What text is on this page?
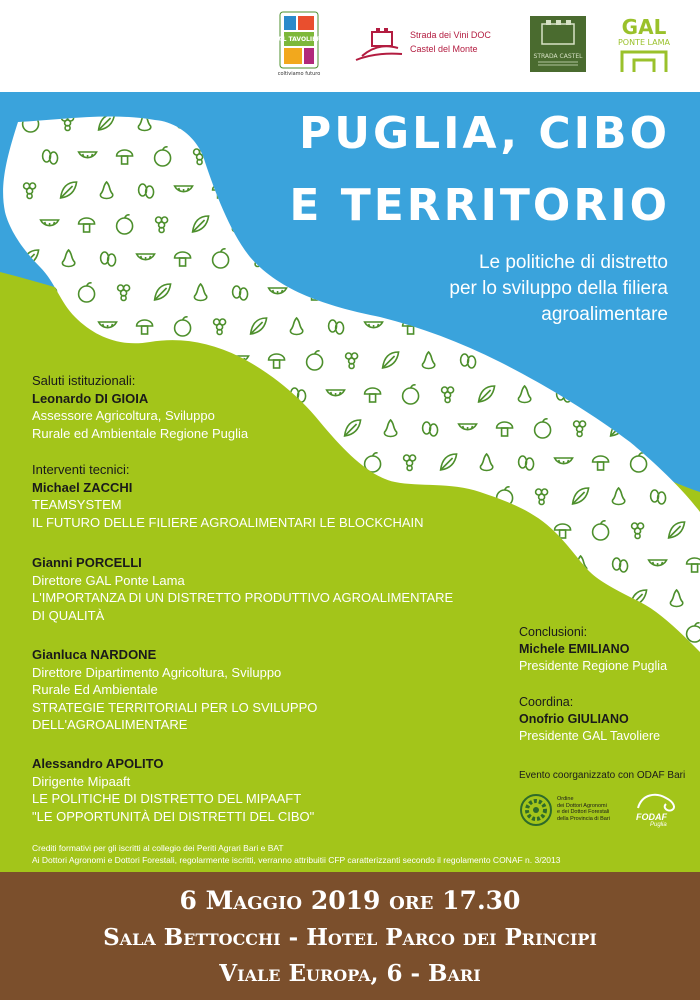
GAL TAVOLIERE
coltiviamo futuro
Strada dei Vini DOC
Castel del Monte
STRADA CASTEL
GAL
PONTE LAMA
PUGLIA, CIBO
E TERRITORIO
Le politiche di distretto
per lo sviluppo della filiera
agroalimentare
Saluti istituzionali:
Leonardo DI GIOIA
Assessore Agricoltura, Sviluppo
Rurale ed Ambientale Regione Puglia
Interventi tecnici:
Michael ZACCHI
TEAMSYSTEM
IL FUTURO DELLE FILIERE AGROALIMENTARI LE BLOCKCHAIN
Gianni PORCELLI
Direttore GAL Ponte Lama
L'IMPORTANZA DI UN DISTRETTO PRODUTTIVO AGROALIMENTARE
DI QUALITÀ
Gianluca NARDONE
Direttore Dipartimento Agricoltura, Sviluppo
Rurale Ed Ambientale
STRATEGIE TERRITORIALI PER LO SVILUPPO
DELL'AGROALIMENTARE
Alessandro APOLITO
Dirigente Mipaaft
LE POLITICHE DI DISTRETTO DEL MIPAAFT
"LE OPPORTUNITÀ DEI DISTRETTI DEL CIBO"
Conclusioni:
Michele EMILIANO
Presidente Regione Puglia
Coordina:
Onofrio GIULIANO
Presidente GAL Tavoliere
Evento coorganizzato con ODAF Bari
Ordine
dei Dottori Agronomi
e dei Dottori Forestali
della Provincia di Bari	FODAF
Puglia
Crediti formativi per gli iscritti al collegio dei Periti Agrari Bari e BAT
Ai Dottori Agronomi e Dottori Forestali, regolarmente iscritti, verranno attribuitii CFP caratterizzanti secondo il regolamento CONAF n. 3/2013
6 Maggio 2019 ore 17.30
Sala Bettocchi - Hotel Parco dei Principi
Viale Europa, 6 - Bari
